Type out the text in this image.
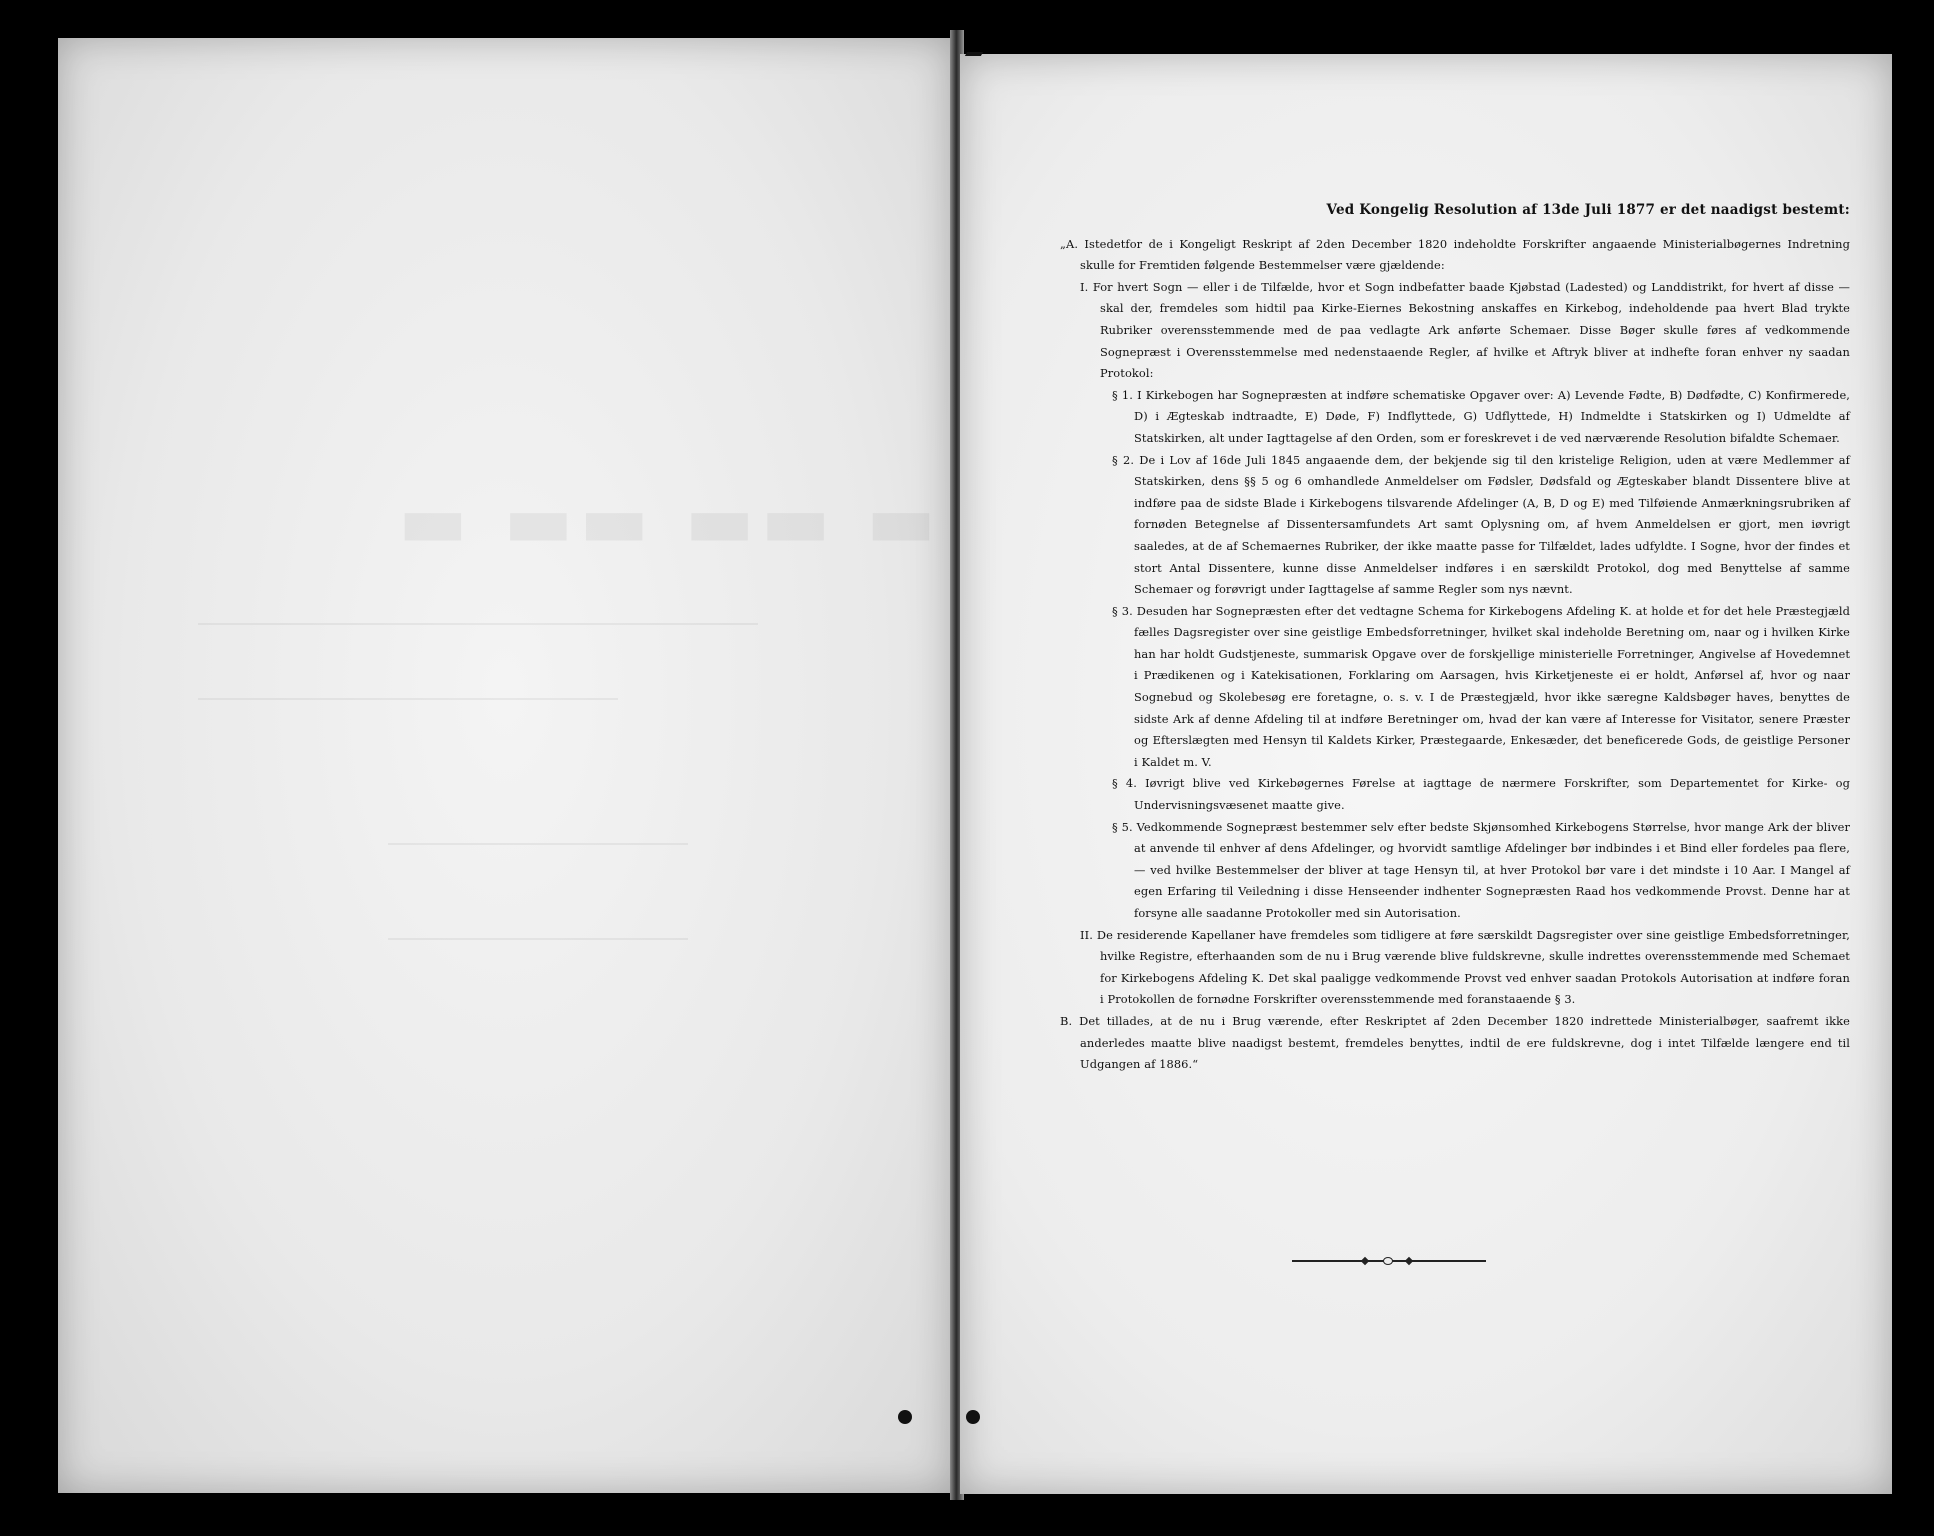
▬ ▬▬ ▬▬ ▬

Ved Kongelig Resolution af 13de Juli 1877 er det naadigst bestemt:

„A. Istedetfor de i Kongeligt Reskript af 2den December 1820 indeholdte Forskrifter angaaende Ministerialbøgernes Indretning skulle for Fremtiden følgende Bestemmelser være gjældende:

I. For hvert Sogn — eller i de Tilfælde, hvor et Sogn indbefatter baade Kjøbstad (Ladested) og Landdistrikt, for hvert af disse — skal der, fremdeles som hidtil paa Kirke-Eiernes Bekostning anskaffes en Kirkebog, indeholdende paa hvert Blad trykte Rubriker overensstemmende med de paa vedlagte Ark anførte Schemaer. Disse Bøger skulle føres af vedkommende Sognepræst i Overensstemmelse med nedenstaaende Regler, af hvilke et Aftryk bliver at indhefte foran enhver ny saadan Protokol:

§ 1. I Kirkebogen har Sognepræsten at indføre schematiske Opgaver over: A) Levende Fødte, B) Dødfødte, C) Konfirmerede, D) i Ægteskab indtraadte, E) Døde, F) Indflyttede, G) Udflyttede, H) Indmeldte i Statskirken og I) Udmeldte af Statskirken, alt under Iagttagelse af den Orden, som er foreskrevet i de ved nærværende Resolution bifaldte Schemaer.

§ 2. De i Lov af 16de Juli 1845 angaaende dem, der bekjende sig til den kristelige Religion, uden at være Medlemmer af Statskirken, dens §§ 5 og 6 omhandlede Anmeldelser om Fødsler, Dødsfald og Ægteskaber blandt Dissentere blive at indføre paa de sidste Blade i Kirkebogens tilsvarende Afdelinger (A, B, D og E) med Tilføiende Anmærkningsrubriken af fornøden Betegnelse af Dissentersamfundets Art samt Oplysning om, af hvem Anmeldelsen er gjort, men iøvrigt saaledes, at de af Schemaernes Rubriker, der ikke maatte passe for Tilfældet, lades udfyldte. I Sogne, hvor der findes et stort Antal Dissentere, kunne disse Anmeldelser indføres i en særskildt Protokol, dog med Benyttelse af samme Schemaer og forøvrigt under Iagttagelse af samme Regler som nys nævnt.

§ 3. Desuden har Sognepræsten efter det vedtagne Schema for Kirkebogens Afdeling K. at holde et for det hele Præstegjæld fælles Dagsregister over sine geistlige Embedsforretninger, hvilket skal indeholde Beretning om, naar og i hvilken Kirke han har holdt Gudstjeneste, summarisk Opgave over de forskjellige ministerielle Forretninger, Angivelse af Hovedemnet i Prædikenen og i Katekisationen, Forklaring om Aarsagen, hvis Kirketjeneste ei er holdt, Anførsel af, hvor og naar Sognebud og Skolebesøg ere foretagne, o. s. v. I de Præstegjæld, hvor ikke særegne Kaldsbøger haves, benyttes de sidste Ark af denne Afdeling til at indføre Beretninger om, hvad der kan være af Interesse for Visitator, senere Præster og Efterslægten med Hensyn til Kaldets Kirker, Præstegaarde, Enkesæder, det beneficerede Gods, de geistlige Personer i Kaldet m. V.

§ 4. Iøvrigt blive ved Kirkebøgernes Førelse at iagttage de nærmere Forskrifter, som Departementet for Kirke- og Undervisningsvæsenet maatte give.

§ 5. Vedkommende Sognepræst bestemmer selv efter bedste Skjønsomhed Kirkebogens Størrelse, hvor mange Ark der bliver at anvende til enhver af dens Afdelinger, og hvorvidt samtlige Afdelinger bør indbindes i et Bind eller fordeles paa flere, — ved hvilke Bestemmelser der bliver at tage Hensyn til, at hver Protokol bør vare i det mindste i 10 Aar. I Mangel af egen Erfaring til Veiledning i disse Henseender indhenter Sognepræsten Raad hos vedkommende Provst. Denne har at forsyne alle saadanne Protokoller med sin Autorisation.

II. De residerende Kapellaner have fremdeles som tidligere at føre særskildt Dagsregister over sine geistlige Embedsforretninger, hvilke Registre, efterhaanden som de nu i Brug værende blive fuldskrevne, skulle indrettes overensstemmende med Schemaet for Kirkebogens Afdeling K. Det skal paaligge vedkommende Provst ved enhver saadan Protokols Autorisation at indføre foran i Protokollen de fornødne Forskrifter overensstemmende med foranstaaende § 3.

B. Det tillades, at de nu i Brug værende, efter Reskriptet af 2den December 1820 indrettede Ministerialbøger, saafremt ikke anderledes maatte blive naadigst bestemt, fremdeles benyttes, indtil de ere fuldskrevne, dog i intet Tilfælde længere end til Udgangen af 1886.“
